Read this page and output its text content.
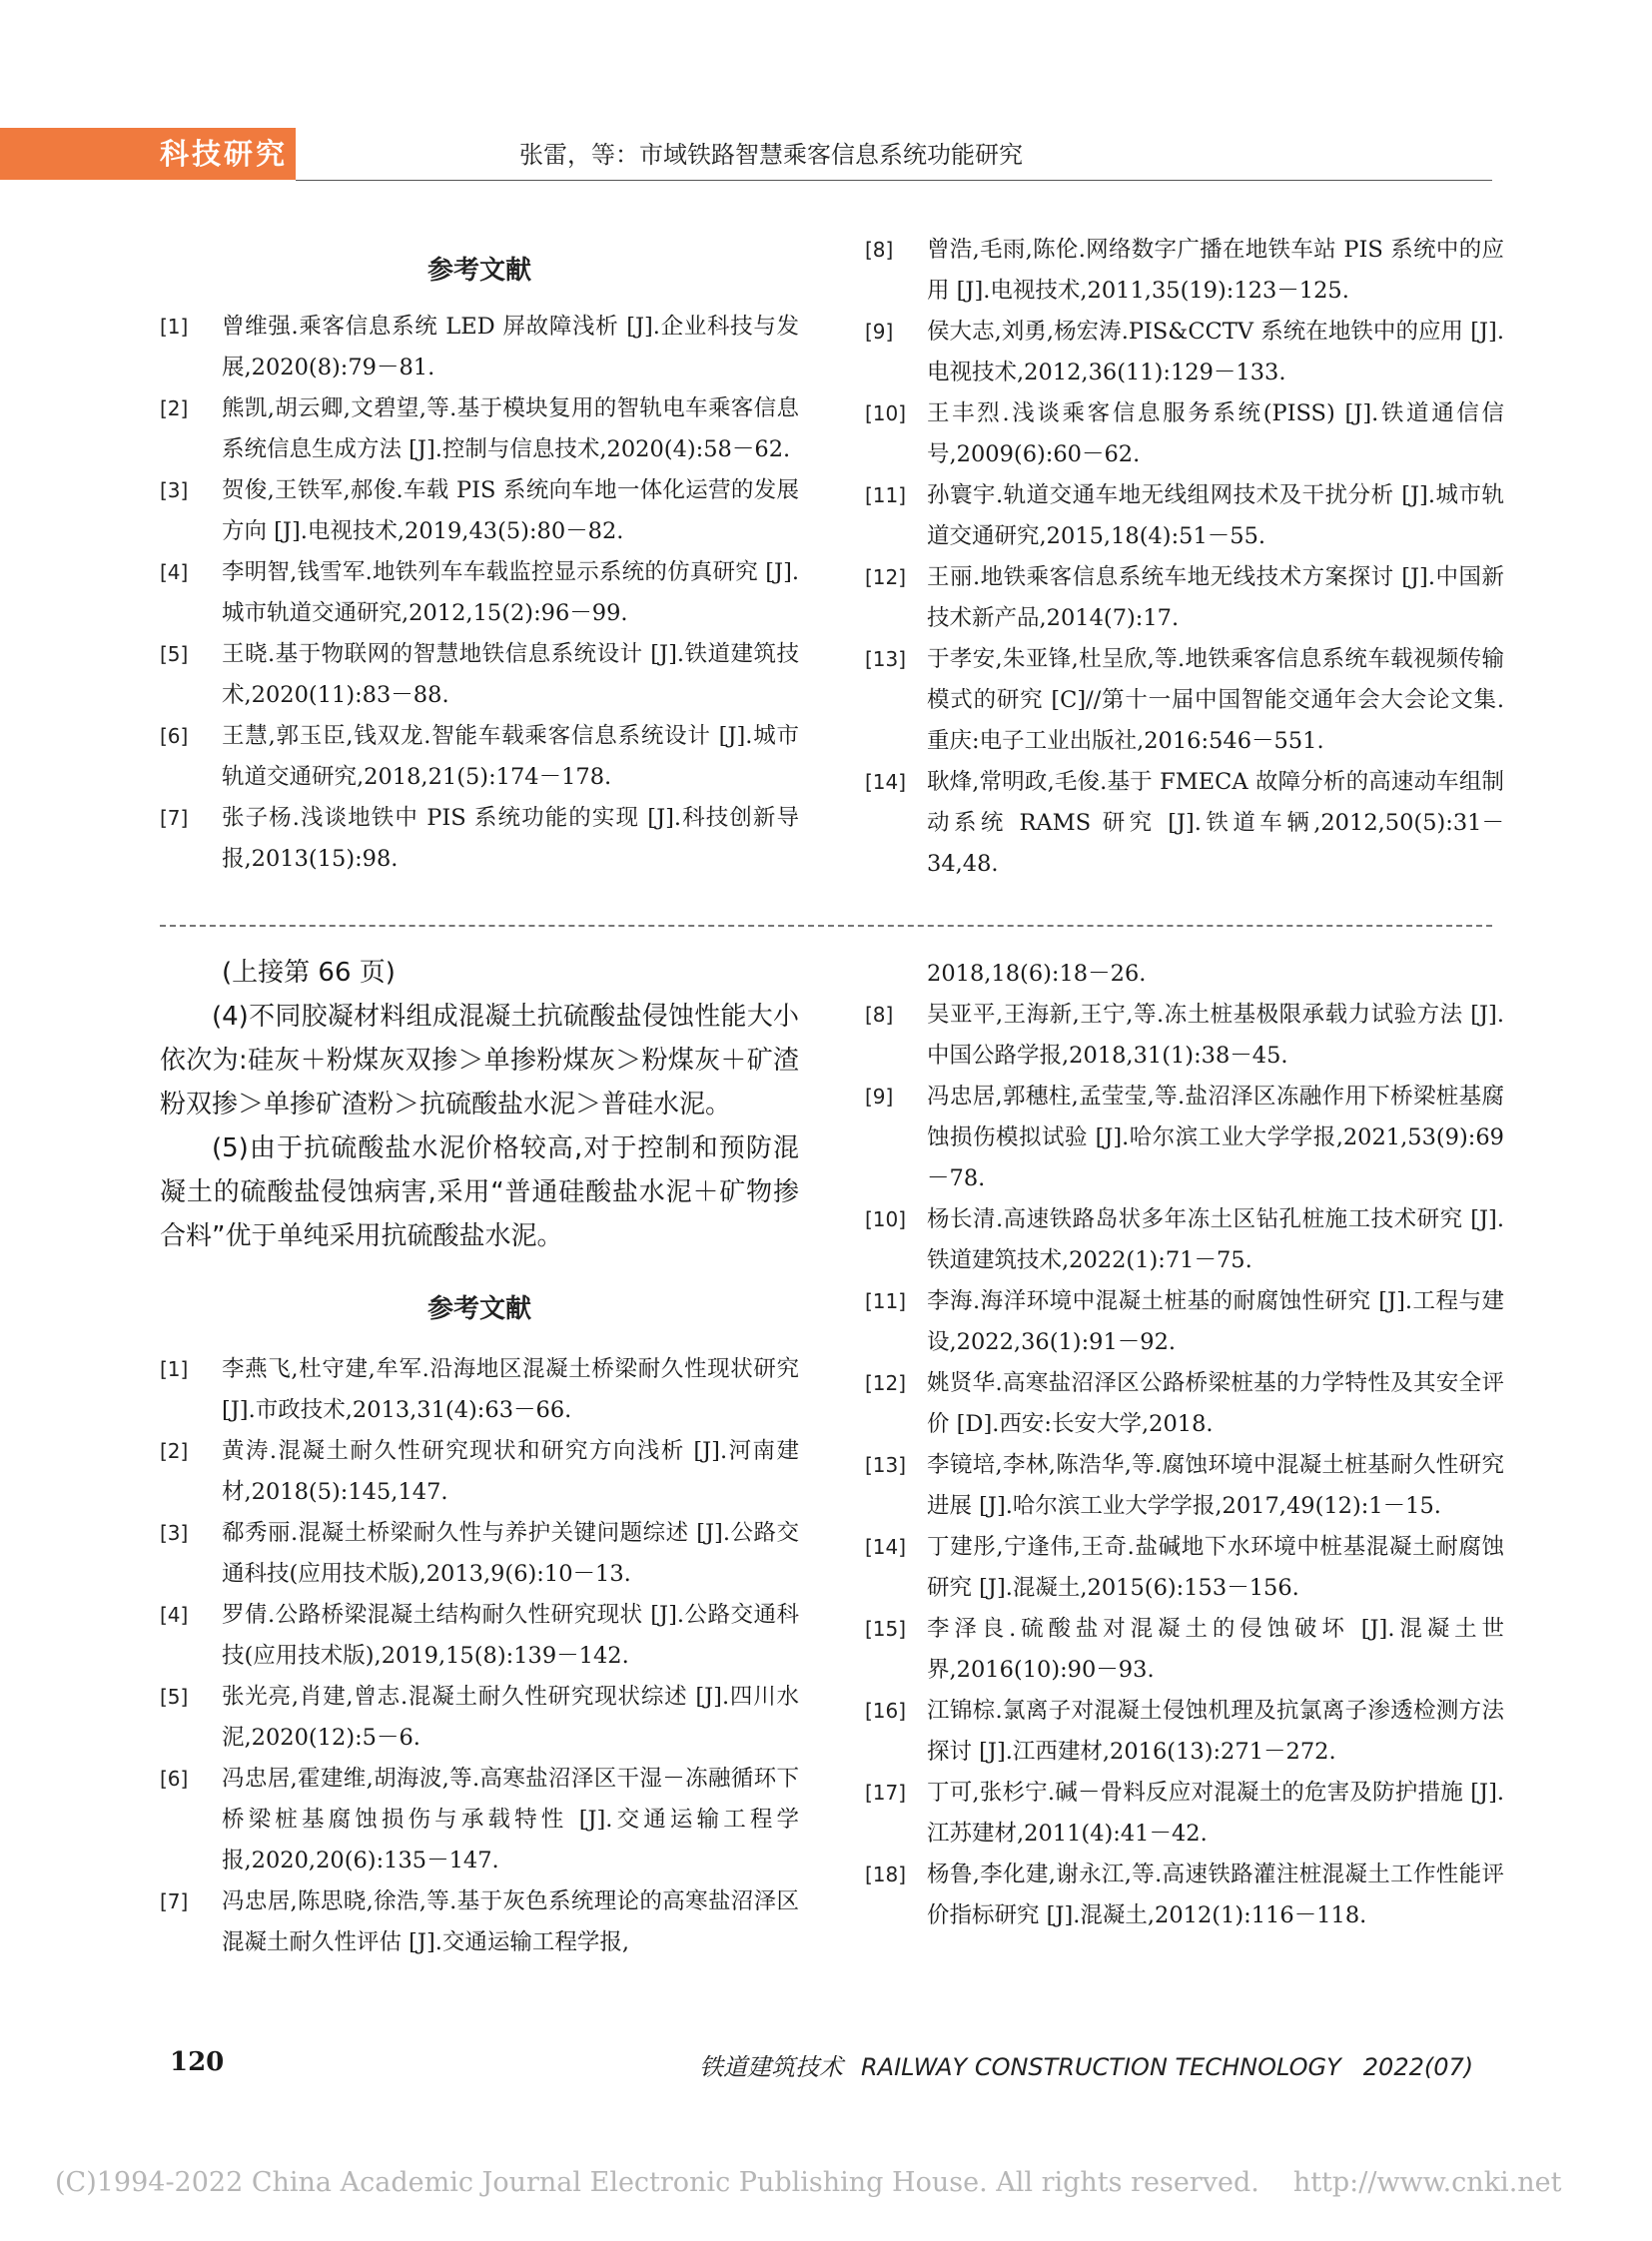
科技研究	张雷，等：市域铁路智慧乘客信息系统功能研究
参考文献
[1] 曾维强.乘客信息系统 LED 屏故障浅析 [J].企业科技与发展,2020(8):79－81.
[2] 熊凯,胡云卿,文碧望,等.基于模块复用的智轨电车乘客信息系统信息生成方法 [J].控制与信息技术,2020(4):58－62.
[3] 贺俊,王铁军,郝俊.车载 PIS 系统向车地一体化运营的发展方向 [J].电视技术,2019,43(5):80－82.
[4] 李明智,钱雪军.地铁列车车载监控显示系统的仿真研究 [J].城市轨道交通研究,2012,15(2):96－99.
[5] 王晓.基于物联网的智慧地铁信息系统设计 [J].铁道建筑技术,2020(11):83－88.
[6] 王慧,郭玉臣,钱双龙.智能车载乘客信息系统设计 [J].城市轨道交通研究,2018,21(5):174－178.
[7] 张子杨.浅谈地铁中 PIS 系统功能的实现 [J].科技创新导报,2013(15):98.
[8] 曾浩,毛雨,陈伦.网络数字广播在地铁车站 PIS 系统中的应用 [J].电视技术,2011,35(19):123－125.
[9] 侯大志,刘勇,杨宏涛.PIS&CCTV 系统在地铁中的应用 [J].电视技术,2012,36(11):129－133.
[10] 王丰烈.浅谈乘客信息服务系统(PISS) [J].铁道通信信号,2009(6):60－62.
[11] 孙寰宇.轨道交通车地无线组网技术及干扰分析 [J].城市轨道交通研究,2015,18(4):51－55.
[12] 王丽.地铁乘客信息系统车地无线技术方案探讨 [J].中国新技术新产品,2014(7):17.
[13] 于孝安,朱亚锋,杜呈欣,等.地铁乘客信息系统车载视频传输模式的研究 [C]//第十一届中国智能交通年会大会论文集.重庆:电子工业出版社,2016:546－551.
[14] 耿烽,常明政,毛俊.基于 FMECA 故障分析的高速动车组制动系统 RAMS 研究 [J].铁道车辆,2012,50(5):31－34,48.

(上接第 66 页)

(4)不同胶凝材料组成混凝土抗硫酸盐侵蚀性能大小依次为:硅灰＋粉煤灰双掺＞单掺粉煤灰＞粉煤灰＋矿渣粉双掺＞单掺矿渣粉＞抗硫酸盐水泥＞普硅水泥。

(5)由于抗硫酸盐水泥价格较高,对于控制和预防混凝土的硫酸盐侵蚀病害,采用“普通硅酸盐水泥＋矿物掺合料”优于单纯采用抗硫酸盐水泥。

参考文献
[1] 李燕飞,杜守建,牟军.沿海地区混凝土桥梁耐久性现状研究 [J].市政技术,2013,31(4):63－66.
[2] 黄涛.混凝土耐久性研究现状和研究方向浅析 [J].河南建材,2018(5):145,147.
[3] 郗秀丽.混凝土桥梁耐久性与养护关键问题综述 [J].公路交通科技(应用技术版),2013,9(6):10－13.
[4] 罗倩.公路桥梁混凝土结构耐久性研究现状 [J].公路交通科技(应用技术版),2019,15(8):139－142.
[5] 张光亮,肖建,曾志.混凝土耐久性研究现状综述 [J].四川水泥,2020(12):5－6.
[6] 冯忠居,霍建维,胡海波,等.高寒盐沼泽区干湿－冻融循环下桥梁桩基腐蚀损伤与承载特性 [J].交通运输工程学报,2020,20(6):135－147.
[7] 冯忠居,陈思晓,徐浩,等.基于灰色系统理论的高寒盐沼泽区混凝土耐久性评估 [J].交通运输工程学报,
2018,18(6):18－26.
[8] 吴亚平,王海新,王宁,等.冻土桩基极限承载力试验方法 [J].中国公路学报,2018,31(1):38－45.
[9] 冯忠居,郭穗柱,孟莹莹,等.盐沼泽区冻融作用下桥梁桩基腐蚀损伤模拟试验 [J].哈尔滨工业大学学报,2021,53(9):69－78.
[10] 杨长清.高速铁路岛状多年冻土区钻孔桩施工技术研究 [J].铁道建筑技术,2022(1):71－75.
[11] 李海.海洋环境中混凝土桩基的耐腐蚀性研究 [J].工程与建设,2022,36(1):91－92.
[12] 姚贤华.高寒盐沼泽区公路桥梁桩基的力学特性及其安全评价 [D].西安:长安大学,2018.
[13] 李镜培,李林,陈浩华,等.腐蚀环境中混凝土桩基耐久性研究进展 [J].哈尔滨工业大学学报,2017,49(12):1－15.
[14] 丁建彤,宁逢伟,王奇.盐碱地下水环境中桩基混凝土耐腐蚀研究 [J].混凝土,2015(6):153－156.
[15] 李泽良.硫酸盐对混凝土的侵蚀破坏 [J].混凝土世界,2016(10):90－93.
[16] 江锦棕.氯离子对混凝土侵蚀机理及抗氯离子渗透检测方法探讨 [J].江西建材,2016(13):271－272.
[17] 丁可,张杉宁.碱－骨料反应对混凝土的危害及防护措施 [J].江苏建材,2011(4):41－42.
[18] 杨鲁,李化建,谢永江,等.高速铁路灌注桩混凝土工作性能评价指标研究 [J].混凝土,2012(1):116－118.
120	铁道建筑技术 RAILWAY CONSTRUCTION TECHNOLOGY 2022(07)
(C)1994-2022 China Academic Journal Electronic Publishing House. All rights reserved. http://www.cnki.net
